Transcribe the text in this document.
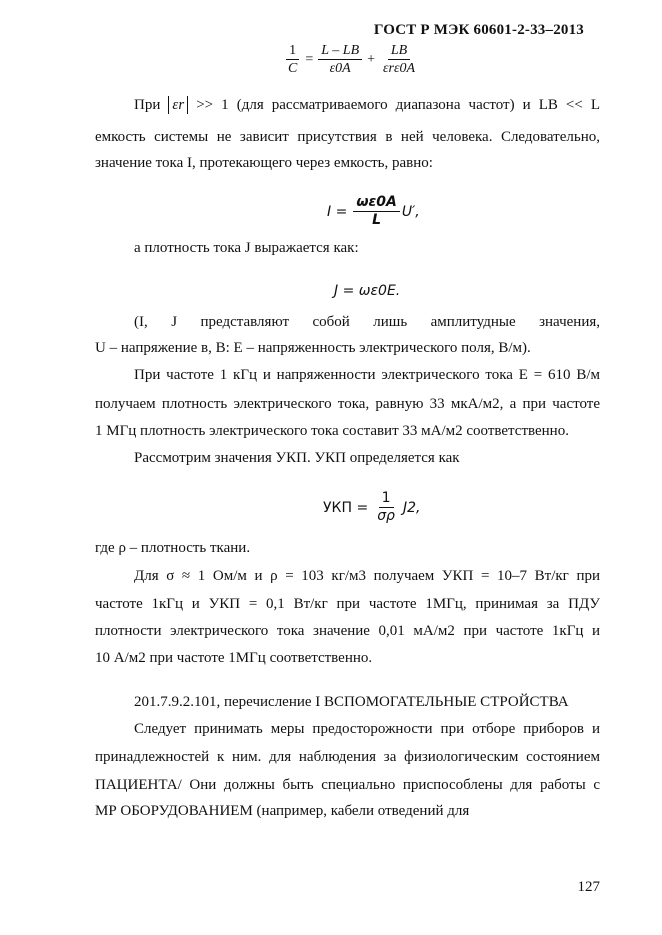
ГОСТ Р МЭК 60601-2-33–2013
$\frac{1}{C} = \frac{L - LB}{\varepsilon 0A} + \frac{LB}{\text{εrε0A}}$
При εr >> 1 (для рассматриваемого диапазона частот) и LB << L
емкость системы не зависит присутствия в ней человека. Следовательно,
значение тока I, протекающего через емкость, равно:
$I = \frac{\omega\varepsilon 0A}{L} U'$,
а плотность тока J выражается как:
J = ωε0E.
(I, J представляют собой лишь амплитудные значения,
U – напряжение в, В: E – напряженность электрического поля, В/м).
При частоте 1 кГц и напряженности электрического тока E = 610 В/м
получаем плотность электрического тока, равную 33 мкА/м2, а при частоте
1 МГц плотность электрического тока составит 33 мА/м2 соответственно.
Рассмотрим значения УКП. УКП определяется как
УКП = $\frac{1}{\sigma\rho} J2$,
где ρ – плотность ткани.
Для σ ≈ 1 Ом/м и ρ = 103 кг/м3 получаем УКП = 10–7 Вт/кг при
частоте 1кГц и УКП = 0,1 Вт/кг при частоте 1МГц, принимая за ПДУ
плотности электрического тока значение 0,01 мА/м2 при частоте 1кГц и
10 А/м2 при частоте 1МГц соответственно.
201.7.9.2.101, перечисление I ВСПОМОГАТЕЛЬНЫЕ СТРОЙСТВА
Следует принимать меры предосторожности при отборе приборов и
принадлежностей к ним. для наблюдения за физиологическим состоянием
ПАЦИЕНТА/ Они должны быть специально приспособлены для работы с
МР ОБОРУДОВАНИЕМ (например, кабели отведений для
127
